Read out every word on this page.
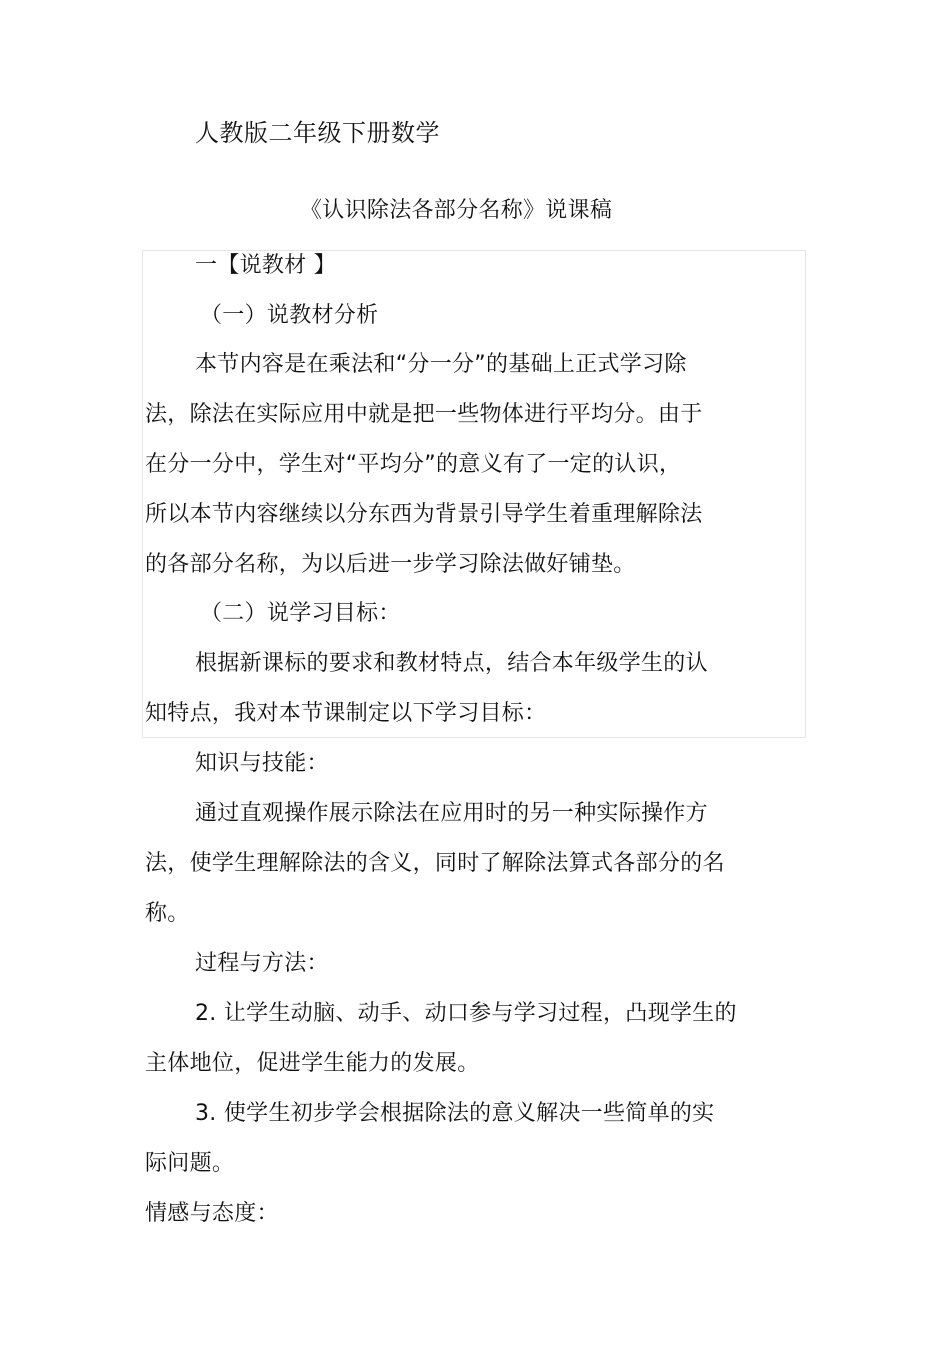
人教版二年级下册数学

《认识除法各部分名称》说课稿

一【说教材 】

（一）说教材分析

本节内容是在乘法和“分一分”的基础上正式学习除

法，除法在实际应用中就是把一些物体进行平均分。由于

在分一分中，学生对“平均分”的意义有了一定的认识，

所以本节内容继续以分东西为背景引导学生着重理解除法

的各部分名称，为以后进一步学习除法做好铺垫。

（二）说学习目标：

根据新课标的要求和教材特点，结合本年级学生的认

知特点，我对本节课制定以下学习目标：

知识与技能：

通过直观操作展示除法在应用时的另一种实际操作方

法，使学生理解除法的含义，同时了解除法算式各部分的名

称。

过程与方法：

2. 让学生动脑、动手、动口参与学习过程，凸现学生的

主体地位，促进学生能力的发展。

3. 使学生初步学会根据除法的意义解决一些简单的实

际问题。

情感与态度：
